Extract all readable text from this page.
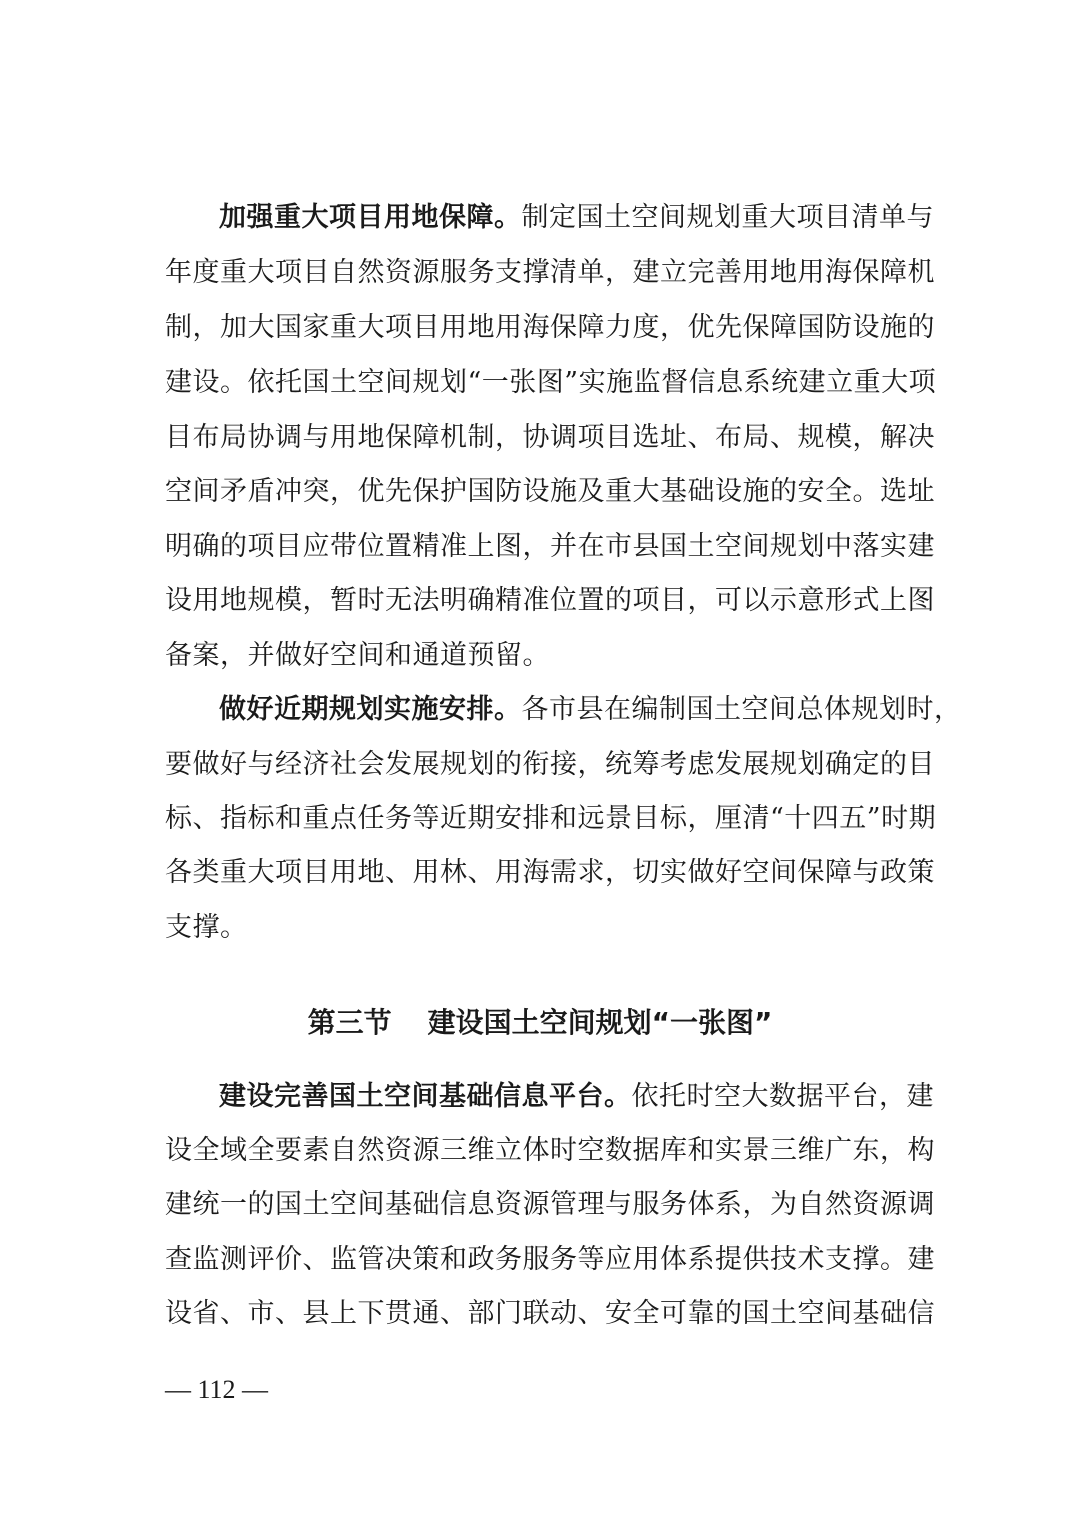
加强重大项目用地保障。制定国土空间规划重大项目清单与
年度重大项目自然资源服务支撑清单，建立完善用地用海保障机
制，加大国家重大项目用地用海保障力度，优先保障国防设施的
建设。依托国土空间规划“一张图”实施监督信息系统建立重大项
目布局协调与用地保障机制，协调项目选址、布局、规模，解决
空间矛盾冲突，优先保护国防设施及重大基础设施的安全。选址
明确的项目应带位置精准上图，并在市县国土空间规划中落实建
设用地规模，暂时无法明确精准位置的项目，可以示意形式上图
备案，并做好空间和通道预留。
做好近期规划实施安排。各市县在编制国土空间总体规划时，
要做好与经济社会发展规划的衔接，统筹考虑发展规划确定的目
标、指标和重点任务等近期安排和远景目标，厘清“十四五”时期
各类重大项目用地、用林、用海需求，切实做好空间保障与政策
支撑。
第三节 建设国土空间规划“一张图”
建设完善国土空间基础信息平台。依托时空大数据平台，建
设全域全要素自然资源三维立体时空数据库和实景三维广东，构
建统一的国土空间基础信息资源管理与服务体系，为自然资源调
查监测评价、监管决策和政务服务等应用体系提供技术支撑。建
设省、市、县上下贯通、部门联动、安全可靠的国土空间基础信
— 112 —
